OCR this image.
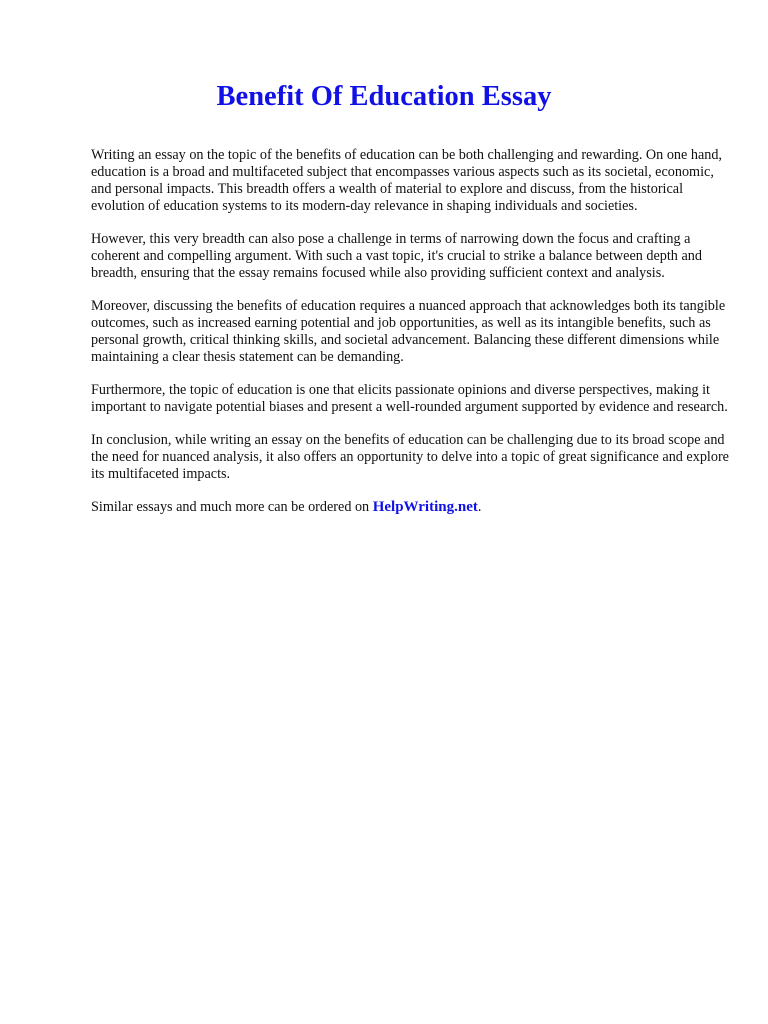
Benefit Of Education Essay

Writing an essay on the topic of the benefits of education can be both challenging and rewarding. On one hand, education is a broad and multifaceted subject that encompasses various aspects such as its societal, economic, and personal impacts. This breadth offers a wealth of material to explore and discuss, from the historical evolution of education systems to its modern-day relevance in shaping individuals and societies.

However, this very breadth can also pose a challenge in terms of narrowing down the focus and crafting a coherent and compelling argument. With such a vast topic, it's crucial to strike a balance between depth and breadth, ensuring that the essay remains focused while also providing sufficient context and analysis.

Moreover, discussing the benefits of education requires a nuanced approach that acknowledges both its tangible outcomes, such as increased earning potential and job opportunities, as well as its intangible benefits, such as personal growth, critical thinking skills, and societal advancement. Balancing these different dimensions while maintaining a clear thesis statement can be demanding.

Furthermore, the topic of education is one that elicits passionate opinions and diverse perspectives, making it important to navigate potential biases and present a well-rounded argument supported by evidence and research.

In conclusion, while writing an essay on the benefits of education can be challenging due to its broad scope and the need for nuanced analysis, it also offers an opportunity to delve into a topic of great significance and explore its multifaceted impacts.

Similar essays and much more can be ordered on HelpWriting.net.
